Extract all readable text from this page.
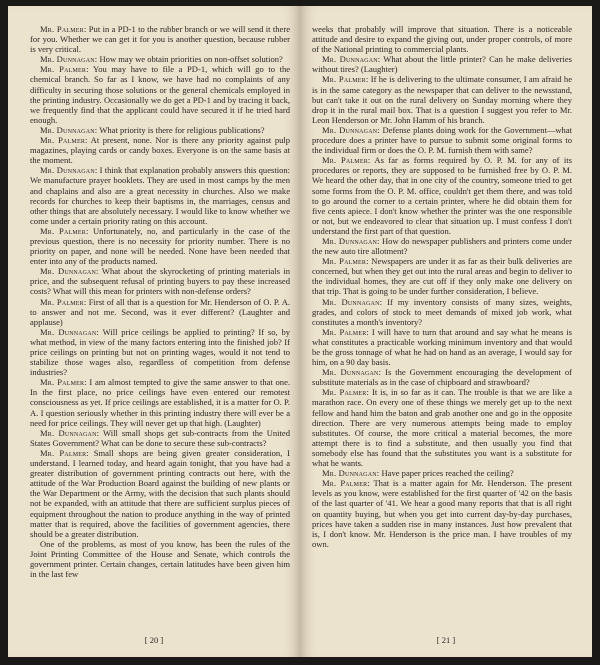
Mr. Palmer: Put in a PD-1 to the rubber branch or we will send it there for you. Whether we can get it for you is another question, because rubber is very critical.

Mr. Dunnagan: How may we obtain priorities on non-offset solution?

Mr. Palmer: You may have to file a PD-1, which will go to the chemical branch. So far as I know, we have had no complaints of any difficulty in securing those solutions or the general chemicals employed in the printing industry. Occasionally we do get a PD-1 and by tracing it back, we frequently find that the applicant could have secured it if he tried hard enough.

Mr. Dunnagan: What priority is there for religious publications?

Mr. Palmer: At present, none. Nor is there any priority against pulp magazines, playing cards or candy boxes. Everyone is on the same basis at the moment.

Mr. Dunnagan: I think that explanation probably answers this question: We manufacture prayer booklets. They are used in most camps by the men and chaplains and also are a great necessity in churches. Also we make records for churches to keep their baptisms in, the marriages, census and other things that are absolutely necessary. I would like to know whether we come under a certain priority rating on this account.

Mr. Palmer: Unfortunately, no, and particularly in the case of the previous question, there is no necessity for priority number. There is no priority on paper, and none will be needed. None have been needed that enter into any of the products named.

Mr. Dunnagan: What about the skyrocketing of printing materials in price, and the subsequent refusal of printing buyers to pay these increased costs? What will this mean for printers with non-defense orders?

Mr. Palmer: First of all that is a question for Mr. Henderson of O. P. A. to answer and not me. Second, was it ever different? (Laughter and applause)

Mr. Dunnagan: Will price ceilings be applied to printing? If so, by what method, in view of the many factors entering into the finished job? If price ceilings on printing but not on printing wages, would it not tend to stabilize those wages also, regardless of competition from defense industries?

Mr. Palmer: I am almost tempted to give the same answer to that one. In the first place, no price ceilings have even entered our remotest consciousness as yet. If price ceilings are established, it is a matter for O. P. A. I question seriously whether in this printing industry there will ever be a need for price ceilings. They will never get up that high. (Laughter)

Mr. Dunnagan: Will small shops get sub-contracts from the United States Government? What can be done to secure these sub-contracts?

Mr. Palmer: Small shops are being given greater consideration, I understand. I learned today, and heard again tonight, that you have had a greater distribution of government printing contracts out here, with the attitude of the War Production Board against the building of new plants or the War Department or the Army, with the decision that such plants should not be expanded, with an attitude that there are sufficient surplus pieces of equipment throughout the nation to produce anything in the way of printed matter that is required, above the facilities of government agencies, there should be a greater distribution.

One of the problems, as most of you know, has been the rules of the Joint Printing Committee of the House and Senate, which controls the government printer. Certain changes, certain latitudes have been given him in the last few

[ 20 ]

weeks that probably will improve that situation. There is a noticeable attitude and desire to expand the giving out, under proper controls, of more of the National printing to commercial plants.

Mr. Dunnagan: What about the little printer? Can he make deliveries without tires? (Laughter)

Mr. Palmer: If he is delivering to the ultimate consumer, I am afraid he is in the same category as the newspaper that can deliver to the newsstand, but can't take it out on the rural delivery on Sunday morning where they drop it in the rural mail box. That is a question I suggest you refer to Mr. Leon Henderson or Mr. John Hamm of his branch.

Mr. Dunnagan: Defense plants doing work for the Government—what procedure does a printer have to pursue to submit some original forms to the individual firm or does the O. P. M. furnish them with same?

Mr. Palmer: As far as forms required by O. P. M. for any of its procedures or reports, they are supposed to be furnished free by O. P. M. We heard the other day, that in one city of the country, someone tried to get some forms from the O. P. M. office, couldn't get them there, and was told to go around the corner to a certain printer, where he did obtain them for five cents apiece. I don't know whether the printer was the one responsible or not, but we endeavored to clear that situation up. I must confess I don't understand the first part of that question.

Mr. Dunnagan: How do newspaper publishers and printers come under the new auto tire allotment?

Mr. Palmer: Newspapers are under it as far as their bulk deliveries are concerned, but when they get out into the rural areas and begin to deliver to the individual homes, they are cut off if they only make one delivery on that trip. That is going to be under further consideration, I believe.

Mr. Dunnagan: If my inventory consists of many sizes, weights, grades, and colors of stock to meet demands of mixed job work, what constitutes a month's inventory?

Mr. Palmer: I will have to turn that around and say what he means is what constitutes a practicable working minimum inventory and that would be the gross tonnage of what he had on hand as an average, I would say for him, on a 90 day basis.

Mr. Dunnagan: Is the Government encouraging the development of substitute materials as in the case of chipboard and strawboard?

Mr. Palmer: It is, in so far as it can. The trouble is that we are like a marathon race. On every one of these things we merely get up to the next fellow and hand him the baton and grab another one and go in the opposite direction. There are very numerous attempts being made to employ substitutes. Of course, the more critical a material becomes, the more attempt there is to find a substitute, and then usually you find that somebody else has found that the substitutes you want is a substitute for what he wants.

Mr. Dunnagan: Have paper prices reached the ceiling?

Mr. Palmer: That is a matter again for Mr. Henderson. The present levels as you know, were established for the first quarter of '42 on the basis of the last quarter of '41. We hear a good many reports that that is all right on quantity buying, but when you get into current day-by-day purchases, prices have taken a sudden rise in many instances. Just how prevalent that is, I don't know. Mr. Henderson is the price man. I have troubles of my own.

[ 21 ]
